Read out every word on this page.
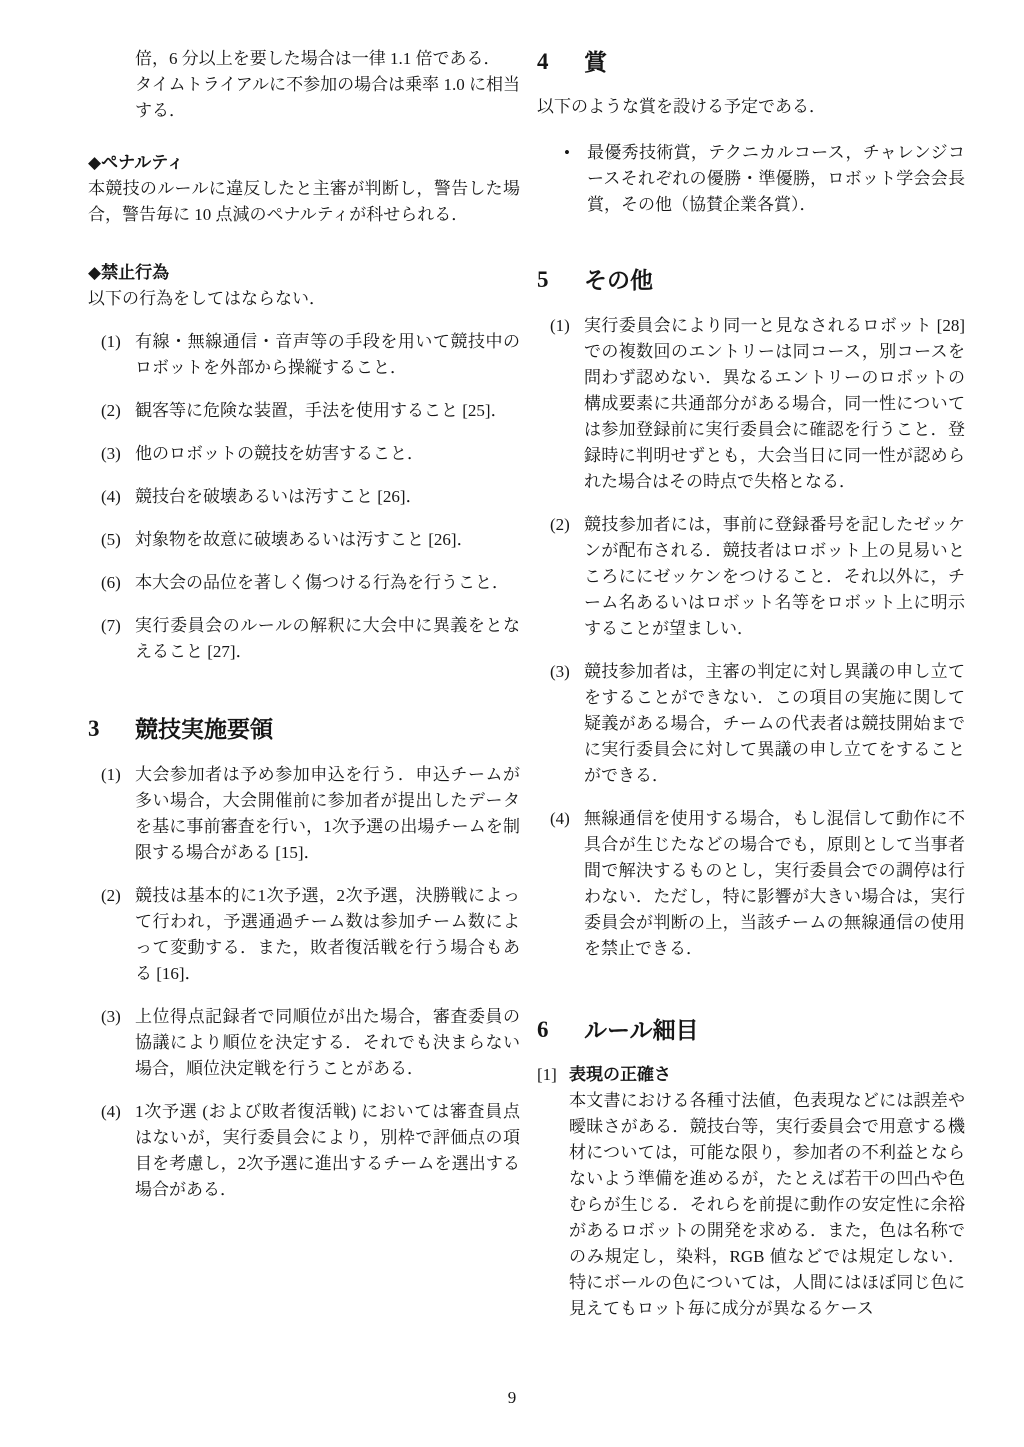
倍，6 分以上を要した場合は一律 1.1 倍である．

タイムトライアルに不参加の場合は乗率 1.0 に相当する．

◆ペナルティ
本競技のルールに違反したと主審が判断し，警告した場合，警告毎に 10 点減のペナルティが科せられる．
◆禁止行為
以下の行為をしてはならない．
(1) 有線・無線通信・音声等の手段を用いて競技中のロボットを外部から操縦すること．
(2) 観客等に危険な装置，手法を使用すること [25]．
(3) 他のロボットの競技を妨害すること．
(4) 競技台を破壊あるいは汚すこと [26]．
(5) 対象物を故意に破壊あるいは汚すこと [26]．
(6) 本大会の品位を著しく傷つける行為を行うこと．
(7) 実行委員会のルールの解釈に大会中に異義をとなえること [27]．
3	競技実施要領
(1) 大会参加者は予め参加申込を行う．申込チームが多い場合，大会開催前に参加者が提出したデータを基に事前審査を行い，1次予選の出場チームを制限する場合がある [15]．
(2) 競技は基本的に1次予選，2次予選，決勝戦によって行われ，予選通過チーム数は参加チーム数によって変動する．また，敗者復活戦を行う場合もある [16]．
(3) 上位得点記録者で同順位が出た場合，審査委員の協議により順位を決定する．それでも決まらない場合，順位決定戦を行うことがある．
(4) 1次予選 (および敗者復活戦) においては審査員点はないが，実行委員会により，別枠で評価点の項目を考慮し，2次予選に進出するチームを選出する場合がある．
4	賞
以下のような賞を設ける予定である．
•	最優秀技術賞，テクニカルコース，チャレンジコースそれぞれの優勝・準優勝，ロボット学会会長賞，その他（協賛企業各賞）．
5	その他
(1) 実行委員会により同一と見なされるロボット [28] での複数回のエントリーは同コース，別コースを問わず認めない．異なるエントリーのロボットの構成要素に共通部分がある場合，同一性については参加登録前に実行委員会に確認を行うこと．登録時に判明せずとも，大会当日に同一性が認められた場合はその時点で失格となる．
(2) 競技参加者には，事前に登録番号を記したゼッケンが配布される．競技者はロボット上の見易いところににゼッケンをつけること．それ以外に，チーム名あるいはロボット名等をロボット上に明示することが望ましい．
(3) 競技参加者は，主審の判定に対し異議の申し立てをすることができない．この項目の実施に関して疑義がある場合，チームの代表者は競技開始までに実行委員会に対して異議の申し立てをすることができる．
(4) 無線通信を使用する場合，もし混信して動作に不具合が生じたなどの場合でも，原則として当事者間で解決するものとし，実行委員会での調停は行わない．ただし，特に影響が大きい場合は，実行委員会が判断の上，当該チームの無線通信の使用を禁止できる．
6	ルール細目
[1] 表現の正確さ
本文書における各種寸法値，色表現などには誤差や曖昧さがある．競技台等，実行委員会で用意する機材については，可能な限り，参加者の不利益とならないよう準備を進めるが，たとえば若干の凹凸や色むらが生じる．それらを前提に動作の安定性に余裕があるロボットの開発を求める．また，色は名称でのみ規定し，染料，RGB 値などでは規定しない．特にボールの色については，人間にはほぼ同じ色に見えてもロット毎に成分が異なるケース
9
